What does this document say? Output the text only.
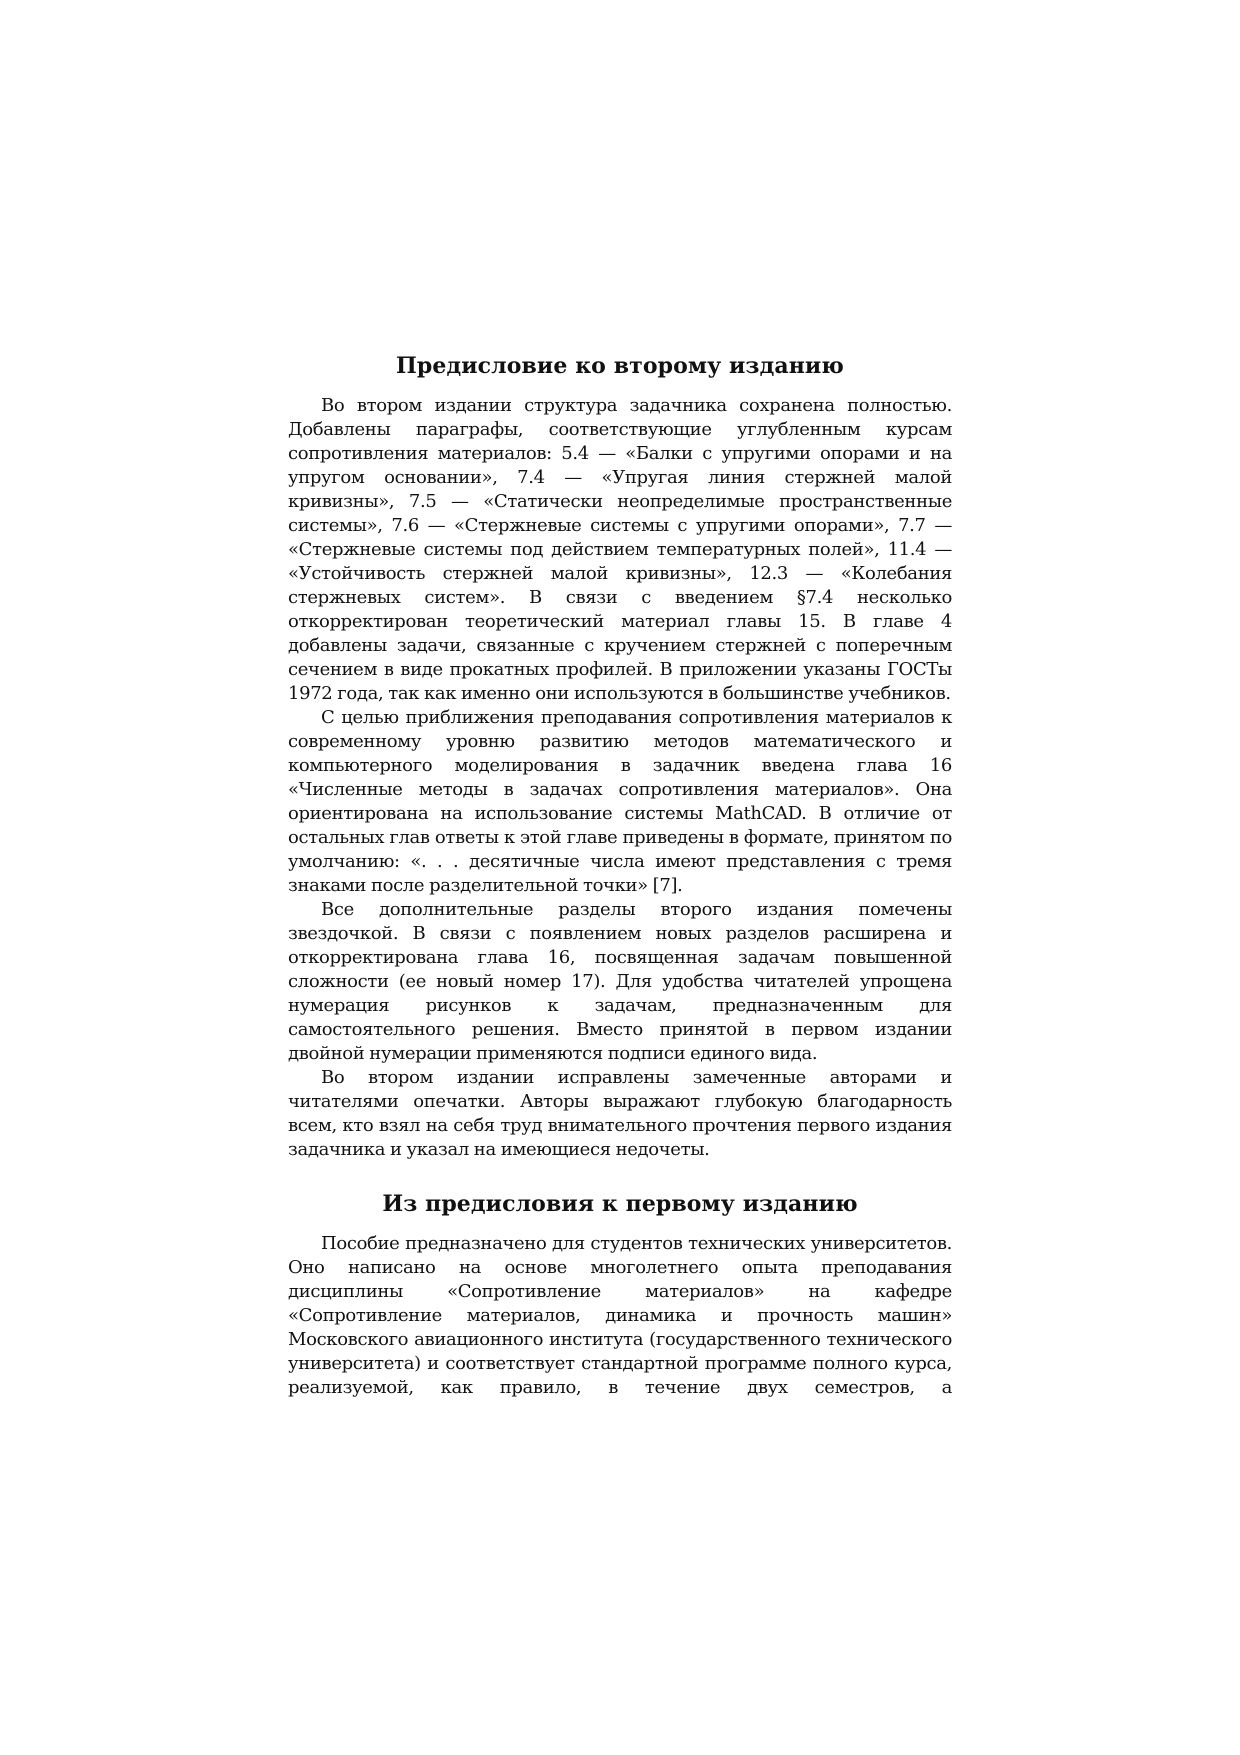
Предисловие ко второму изданию

Во втором издании структура задачника сохранена полностью. Добавлены параграфы, соответствующие углубленным курсам сопротивления материалов: 5.4 — «Балки с упругими опорами и на упругом основании», 7.4 — «Упругая линия стержней малой кривизны», 7.5 — «Статически неопределимые пространственные системы», 7.6 — «Стержневые системы с упругими опорами», 7.7 — «Стержневые системы под действием температурных полей», 11.4 — «Устойчивость стержней малой кривизны», 12.3 — «Колебания стержневых систем». В связи с введением §7.4 несколько откорректирован теоретический материал главы 15. В главе 4 добавлены задачи, связанные с кручением стержней с поперечным сечением в виде прокатных профилей. В приложении указаны ГОСТы 1972 года, так как именно они используются в большинстве учебников.

С целью приближения преподавания сопротивления материалов к современному уровню развитию методов математического и компьютерного моделирования в задачник введена глава 16 «Численные методы в задачах сопротивления материалов». Она ориентирована на использование системы MathCAD. В отличие от остальных глав ответы к этой главе приведены в формате, принятом по умолчанию: «. . . десятичные числа имеют представления с тремя знаками после разделительной точки» [7].

Все дополнительные разделы второго издания помечены звездочкой. В связи с появлением новых разделов расширена и откорректирована глава 16, посвященная задачам повышенной сложности (ее новый номер 17). Для удобства читателей упрощена нумерация рисунков к задачам, предназначенным для самостоятельного решения. Вместо принятой в первом издании двойной нумерации применяются подписи единого вида.

Во втором издании исправлены замеченные авторами и читателями опечатки. Авторы выражают глубокую благодарность всем, кто взял на себя труд внимательного прочтения первого издания задачника и указал на имеющиеся недочеты.

Из предисловия к первому изданию

Пособие предназначено для студентов технических университетов. Оно написано на основе многолетнего опыта преподавания дисциплины «Сопротивление материалов» на кафедре «Сопротивление материалов, динамика и прочность машин» Московского авиационного института (государственного технического университета) и соответствует стандартной программе полного курса, реализуемой, как правило, в течение двух семестров, а
